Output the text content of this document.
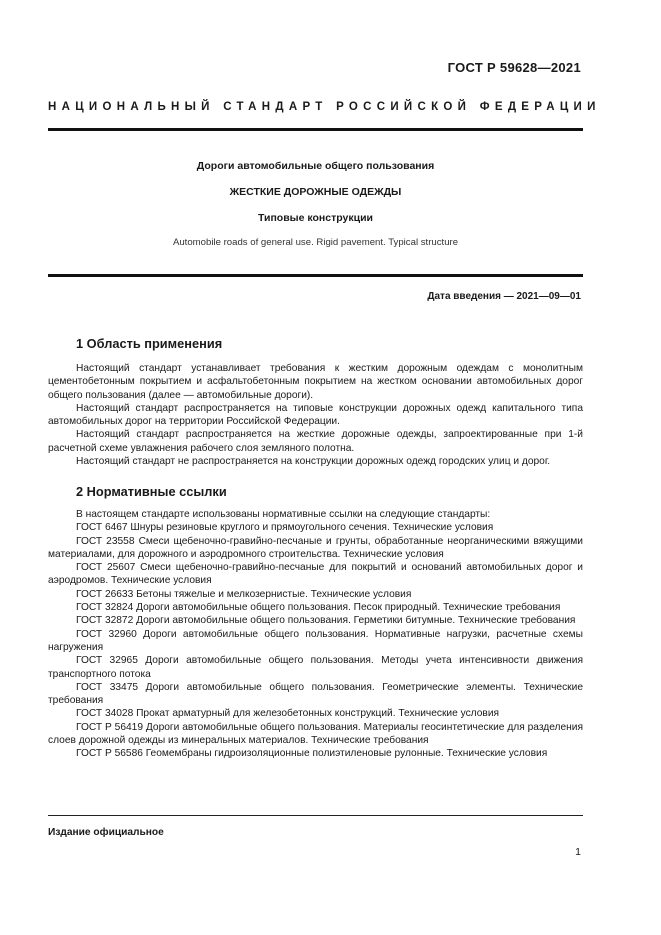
ГОСТ Р 59628—2021
НАЦИОНАЛЬНЫЙ СТАНДАРТ РОССИЙСКОЙ ФЕДЕРАЦИИ
Дороги автомобильные общего пользования
ЖЕСТКИЕ ДОРОЖНЫЕ ОДЕЖДЫ
Типовые конструкции
Automobile roads of general use. Rigid pavement. Typical structure
Дата введения — 2021—09—01
1 Область применения

Настоящий стандарт устанавливает требования к жестким дорожным одеждам с монолитным цементобетонным покрытием и асфальтобетонным покрытием на жестком основании автомобильных дорог общего пользования (далее — автомобильные дороги).

Настоящий стандарт распространяется на типовые конструкции дорожных одежд капитального типа автомобильных дорог на территории Российской Федерации.

Настоящий стандарт распространяется на жесткие дорожные одежды, запроектированные при 1-й расчетной схеме увлажнения рабочего слоя земляного полотна.

Настоящий стандарт не распространяется на конструкции дорожных одежд городских улиц и дорог.

2 Нормативные ссылки

В настоящем стандарте использованы нормативные ссылки на следующие стандарты:

ГОСТ 6467 Шнуры резиновые круглого и прямоугольного сечения. Технические условия

ГОСТ 23558 Смеси щебеночно-гравийно-песчаные и грунты, обработанные неорганическими вяжущими материалами, для дорожного и аэродромного строительства. Технические условия

ГОСТ 25607 Смеси щебеночно-гравийно-песчаные для покрытий и оснований автомобильных дорог и аэродромов. Технические условия

ГОСТ 26633 Бетоны тяжелые и мелкозернистые. Технические условия

ГОСТ 32824 Дороги автомобильные общего пользования. Песок природный. Технические требования

ГОСТ 32872 Дороги автомобильные общего пользования. Герметики битумные. Технические требования

ГОСТ 32960 Дороги автомобильные общего пользования. Нормативные нагрузки, расчетные схемы нагружения

ГОСТ 32965 Дороги автомобильные общего пользования. Методы учета интенсивности движения транспортного потока

ГОСТ 33475 Дороги автомобильные общего пользования. Геометрические элементы. Технические требования

ГОСТ 34028 Прокат арматурный для железобетонных конструкций. Технические условия

ГОСТ Р 56419 Дороги автомобильные общего пользования. Материалы геосинтетические для разделения слоев дорожной одежды из минеральных материалов. Технические требования

ГОСТ Р 56586 Геомембраны гидроизоляционные полиэтиленовые рулонные. Технические условия

Издание официальное
1
